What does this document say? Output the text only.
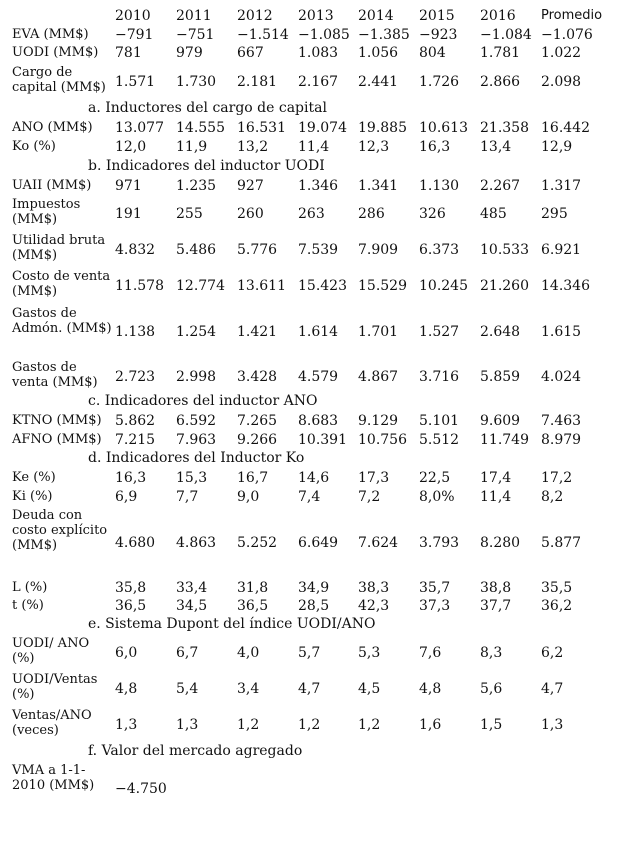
2010 2011 2012 2013 2014 2015 2016 Promedio
EVA (MM$)	−791 −751 −1.514 −1.085 −1.385 −923 −1.084 −1.076
UODI (MM$)	781 979 667 1.083 1.056 804 1.781 1.022
Cargo de capital (MM$) 1.571 1.730 2.181 2.167 2.441 1.726 2.866 2.098
a. Inductores del cargo de capital
ANO (MM$)	13.077 14.555 16.531 19.074 19.885 10.613 21.358 16.442
Ko (%)	12,0 11,9 13,2 11,4 12,3 16,3 13,4 12,9
b. Indicadores del inductor UODI
UAII (MM$)	971 1.235 927 1.346 1.341 1.130 2.267 1.317
Impuestos (MM$)	191 255 260 263 286 326 485 295
Utilidad bruta (MM$)	4.832 5.486 5.776 7.539 7.909 6.373 10.533 6.921
Costo de venta (MM$)	11.578 12.774 13.611 15.423 15.529 10.245 21.260 14.346
Gastos de Admón. (MM$) 1.138 1.254 1.421 1.614 1.701 1.527 2.648 1.615
Gastos de venta (MM$)	2.723 2.998 3.428 4.579 4.867 3.716 5.859 4.024
c. Indicadores del inductor ANO
KTNO (MM$) 5.862 6.592 7.265 8.683 9.129 5.101 9.609 7.463
AFNO (MM$) 7.215 7.963 9.266 10.391 10.756 5.512 11.749 8.979
d. Indicadores del Inductor Ko
Ke (%)	16,3 15,3 16,7 14,6 17,3 22,5 17,4 17,2
Ki (%)	6,9	7,7	9,0	7,4	7,2	8,0% 11,4 8,2
Deuda con costo explícito (MM$)	4.680 4.863 5.252 6.649 7.624 3.793 8.280 5.877
L (%)	35,8 33,4 31,8 34,9 38,3 35,7 38,8 35,5
t (%)	36,5 34,5 36,5 28,5 42,3 37,3 37,7 36,2
e. Sistema Dupont del índice UODI/ANO
UODI/ ANO (%)	6,0	6,7	4,0	5,7	5,3	7,6	8,3	6,2
UODI/Ventas (%)	4,8	5,4	3,4	4,7	4,5	4,8	5,6	4,7
Ventas/ANO (veces)	1,3	1,3	1,2	1,2	1,2	1,6	1,5	1,3
f. Valor del mercado agregado
VMA a 1-1-2010 (MM$)	−4.750
